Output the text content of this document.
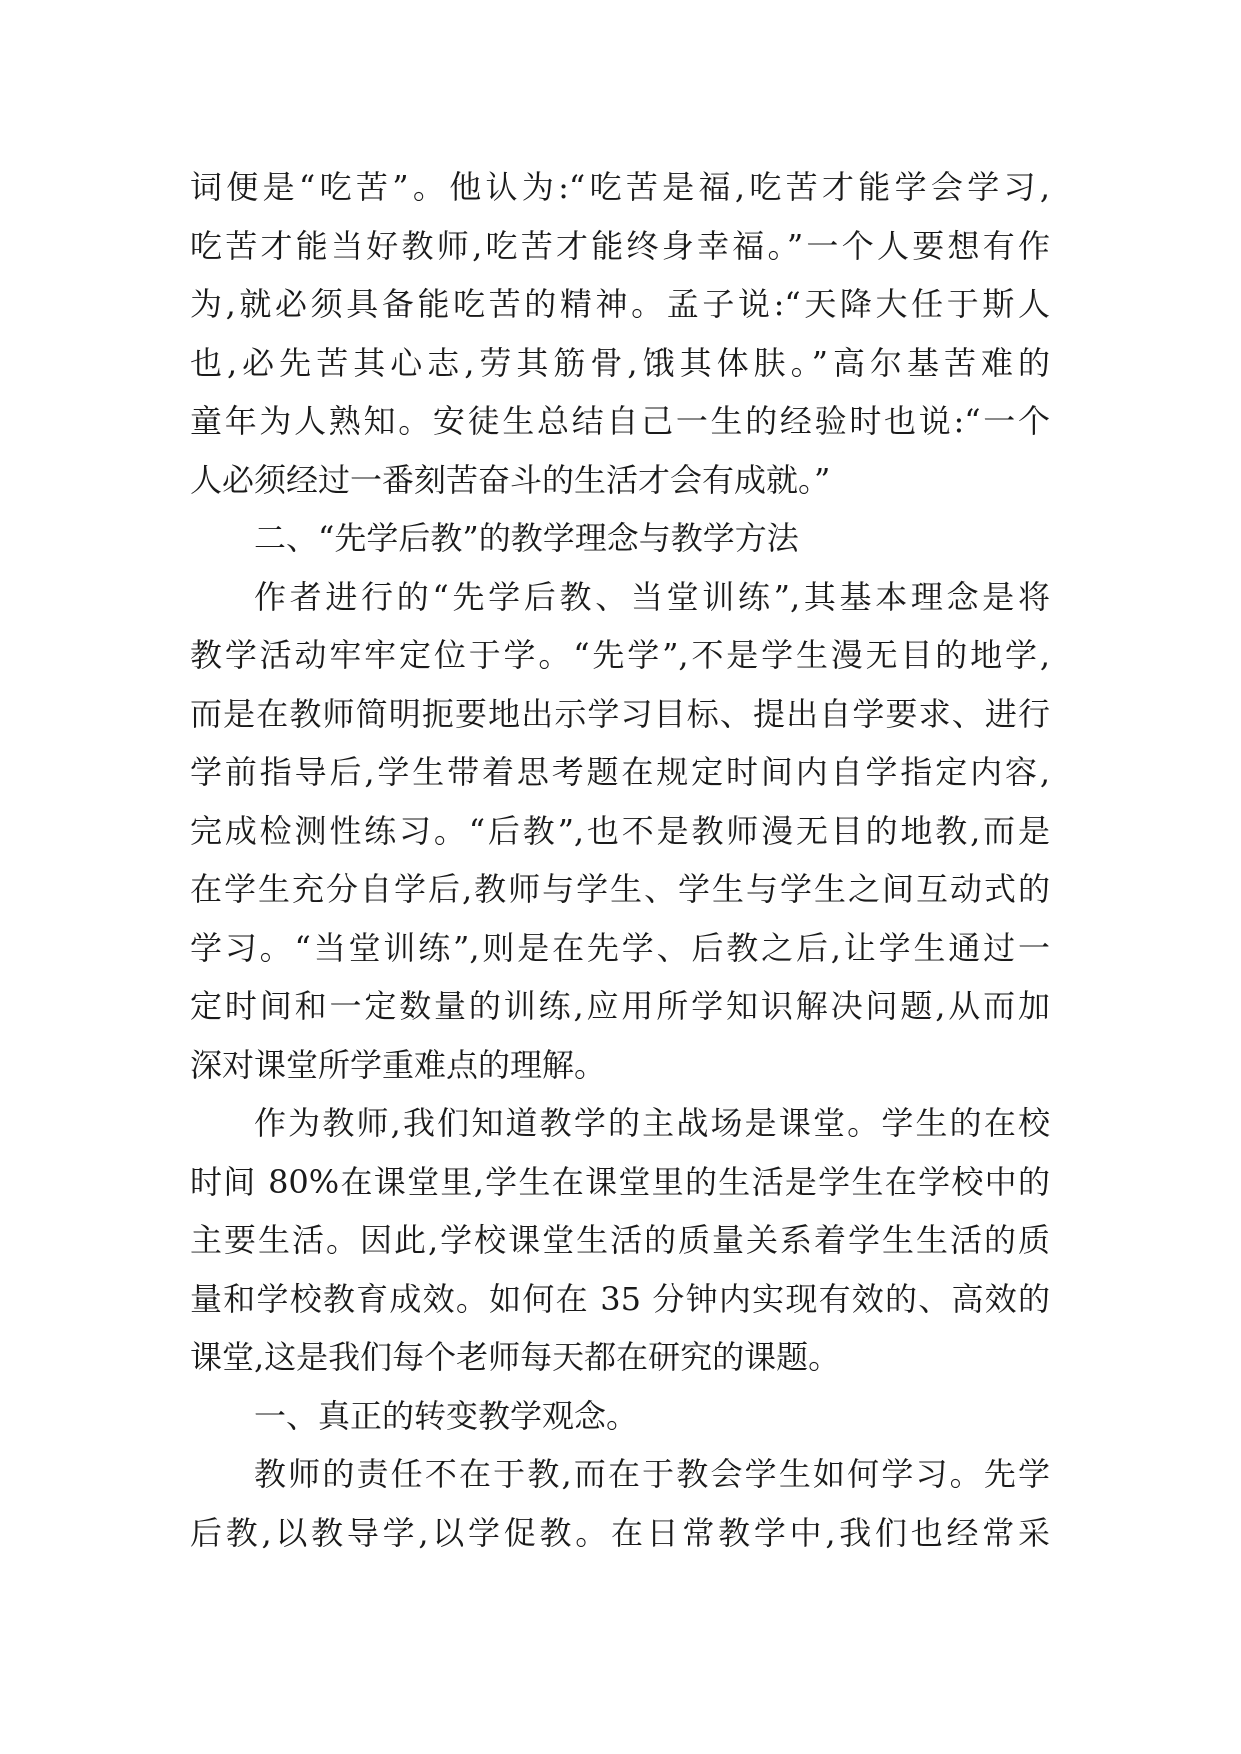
词便是“吃苦”。他认为:“吃苦是福,吃苦才能学会学习,
吃苦才能当好教师,吃苦才能终身幸福。”一个人要想有作
为,就必须具备能吃苦的精神。孟子说:“天降大任于斯人
也,必先苦其心志,劳其筋骨,饿其体肤。”高尔基苦难的
童年为人熟知。安徒生总结自己一生的经验时也说:“一个
人必须经过一番刻苦奋斗的生活才会有成就。”
二、“先学后教”的教学理念与教学方法
作者进行的“先学后教、当堂训练”,其基本理念是将
教学活动牢牢定位于学。“先学”,不是学生漫无目的地学,
而是在教师简明扼要地出示学习目标、提出自学要求、进行
学前指导后,学生带着思考题在规定时间内自学指定内容,
完成检测性练习。“后教”,也不是教师漫无目的地教,而是
在学生充分自学后,教师与学生、学生与学生之间互动式的
学习。“当堂训练”,则是在先学、后教之后,让学生通过一
定时间和一定数量的训练,应用所学知识解决问题,从而加
深对课堂所学重难点的理解。
作为教师,我们知道教学的主战场是课堂。学生的在校
时间 80%在课堂里,学生在课堂里的生活是学生在学校中的
主要生活。因此,学校课堂生活的质量关系着学生生活的质
量和学校教育成效。如何在 35 分钟内实现有效的、高效的
课堂,这是我们每个老师每天都在研究的课题。
一、真正的转变教学观念。
教师的责任不在于教,而在于教会学生如何学习。先学
后教,以教导学,以学促教。在日常教学中,我们也经常采
